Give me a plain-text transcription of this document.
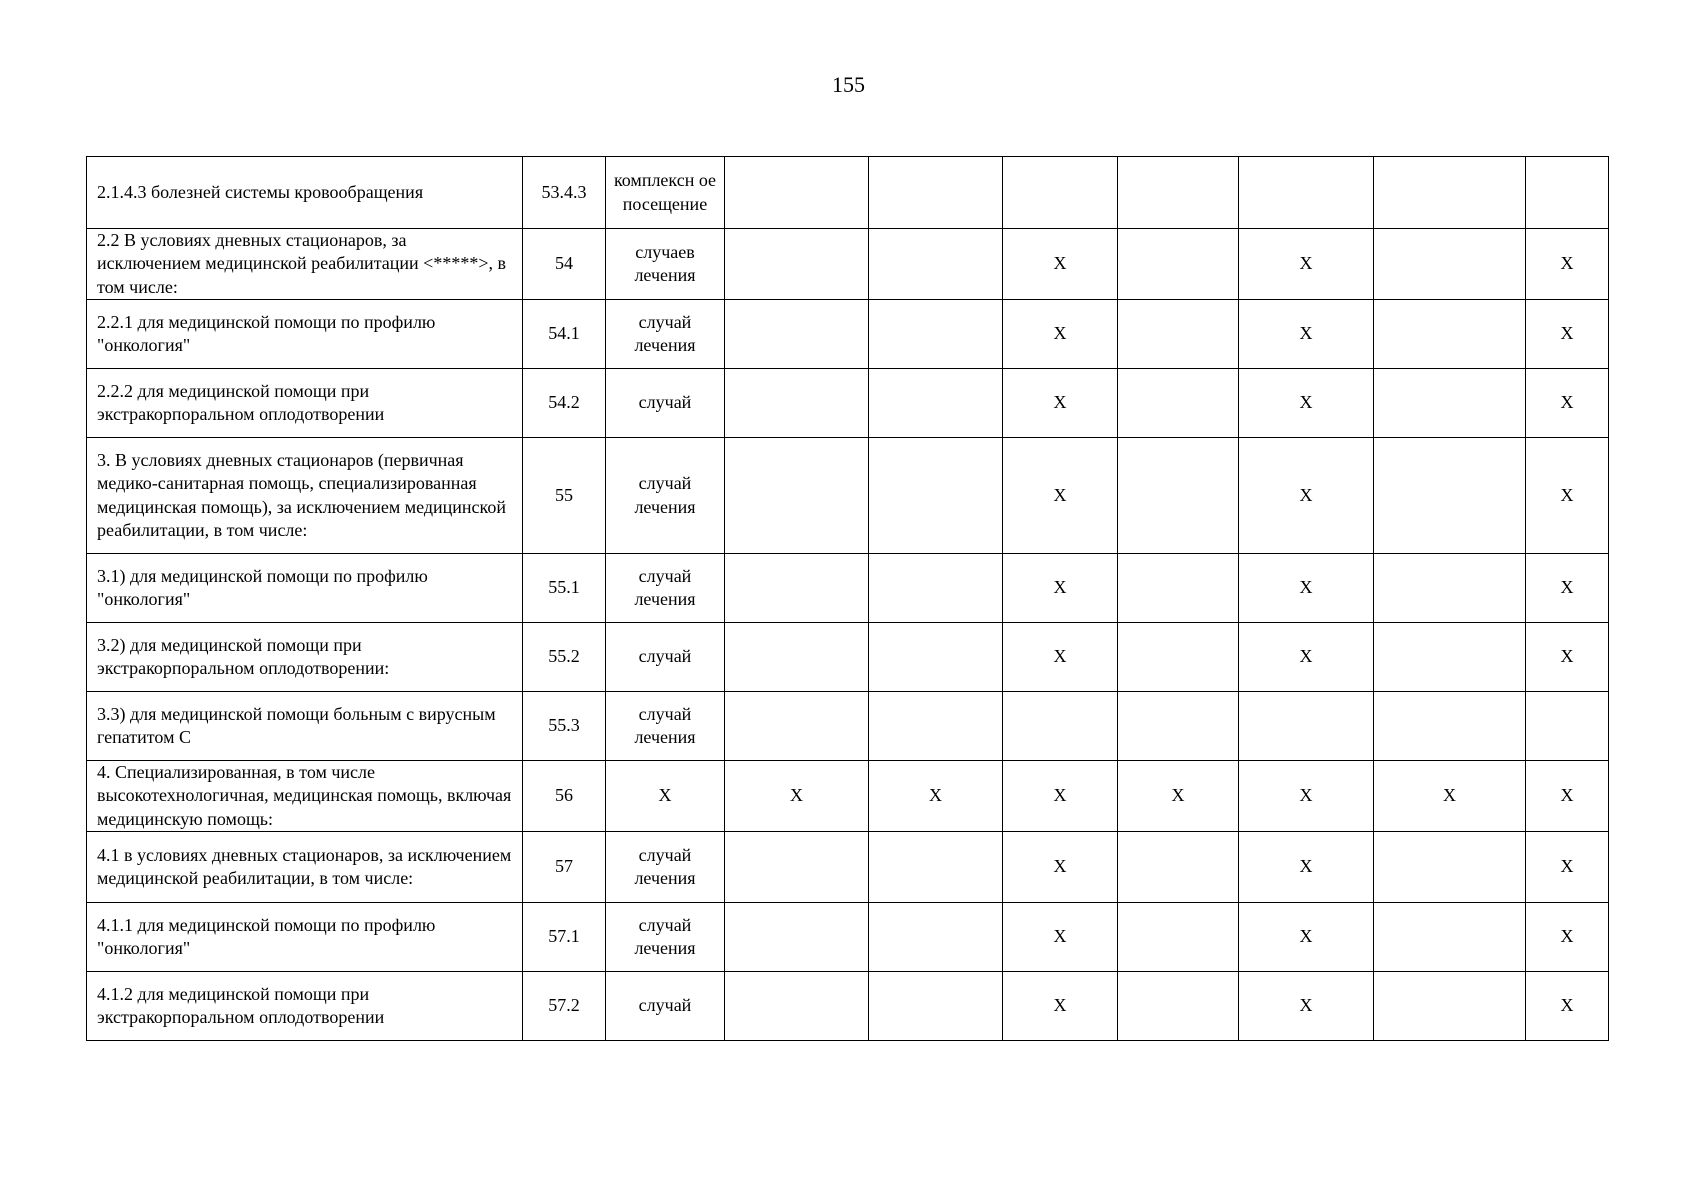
155
2.1.4.3 болезней системы кровообращения	53.4.3	комплексн ое посещение							
2.2 В условиях дневных стационаров, за исключением медицинской реабилитации <*****>, в том числе:	54	случаев лечения			Х		Х		Х
2.2.1 для медицинской помощи по профилю "онкология"	54.1	случай лечения			Х		Х		Х
2.2.2 для медицинской помощи при экстракорпоральном оплодотворении	54.2	случай			Х		Х		Х
3. В условиях дневных стационаров (первичная медико-санитарная помощь, специализированная медицинская помощь), за исключением медицинской реабилитации, в том числе:	55	случай лечения			Х		Х		Х
3.1) для медицинской помощи по профилю "онкология"	55.1	случай лечения			Х		Х		Х
3.2) для медицинской помощи при экстракорпоральном оплодотворении:	55.2	случай			Х		Х		Х
3.3) для медицинской помощи больным с вирусным гепатитом С	55.3	случай лечения							
4. Специализированная, в том числе высокотехнологичная, медицинская помощь, включая медицинскую помощь:	56	Х	Х	Х	Х	Х	Х	Х	Х
4.1 в условиях дневных стационаров, за исключением медицинской реабилитации, в том числе:	57	случай лечения			Х		Х		Х
4.1.1 для медицинской помощи по профилю "онкология"	57.1	случай лечения			Х		Х		Х
4.1.2 для медицинской помощи при экстракорпоральном оплодотворении	57.2	случай			Х		Х		Х
